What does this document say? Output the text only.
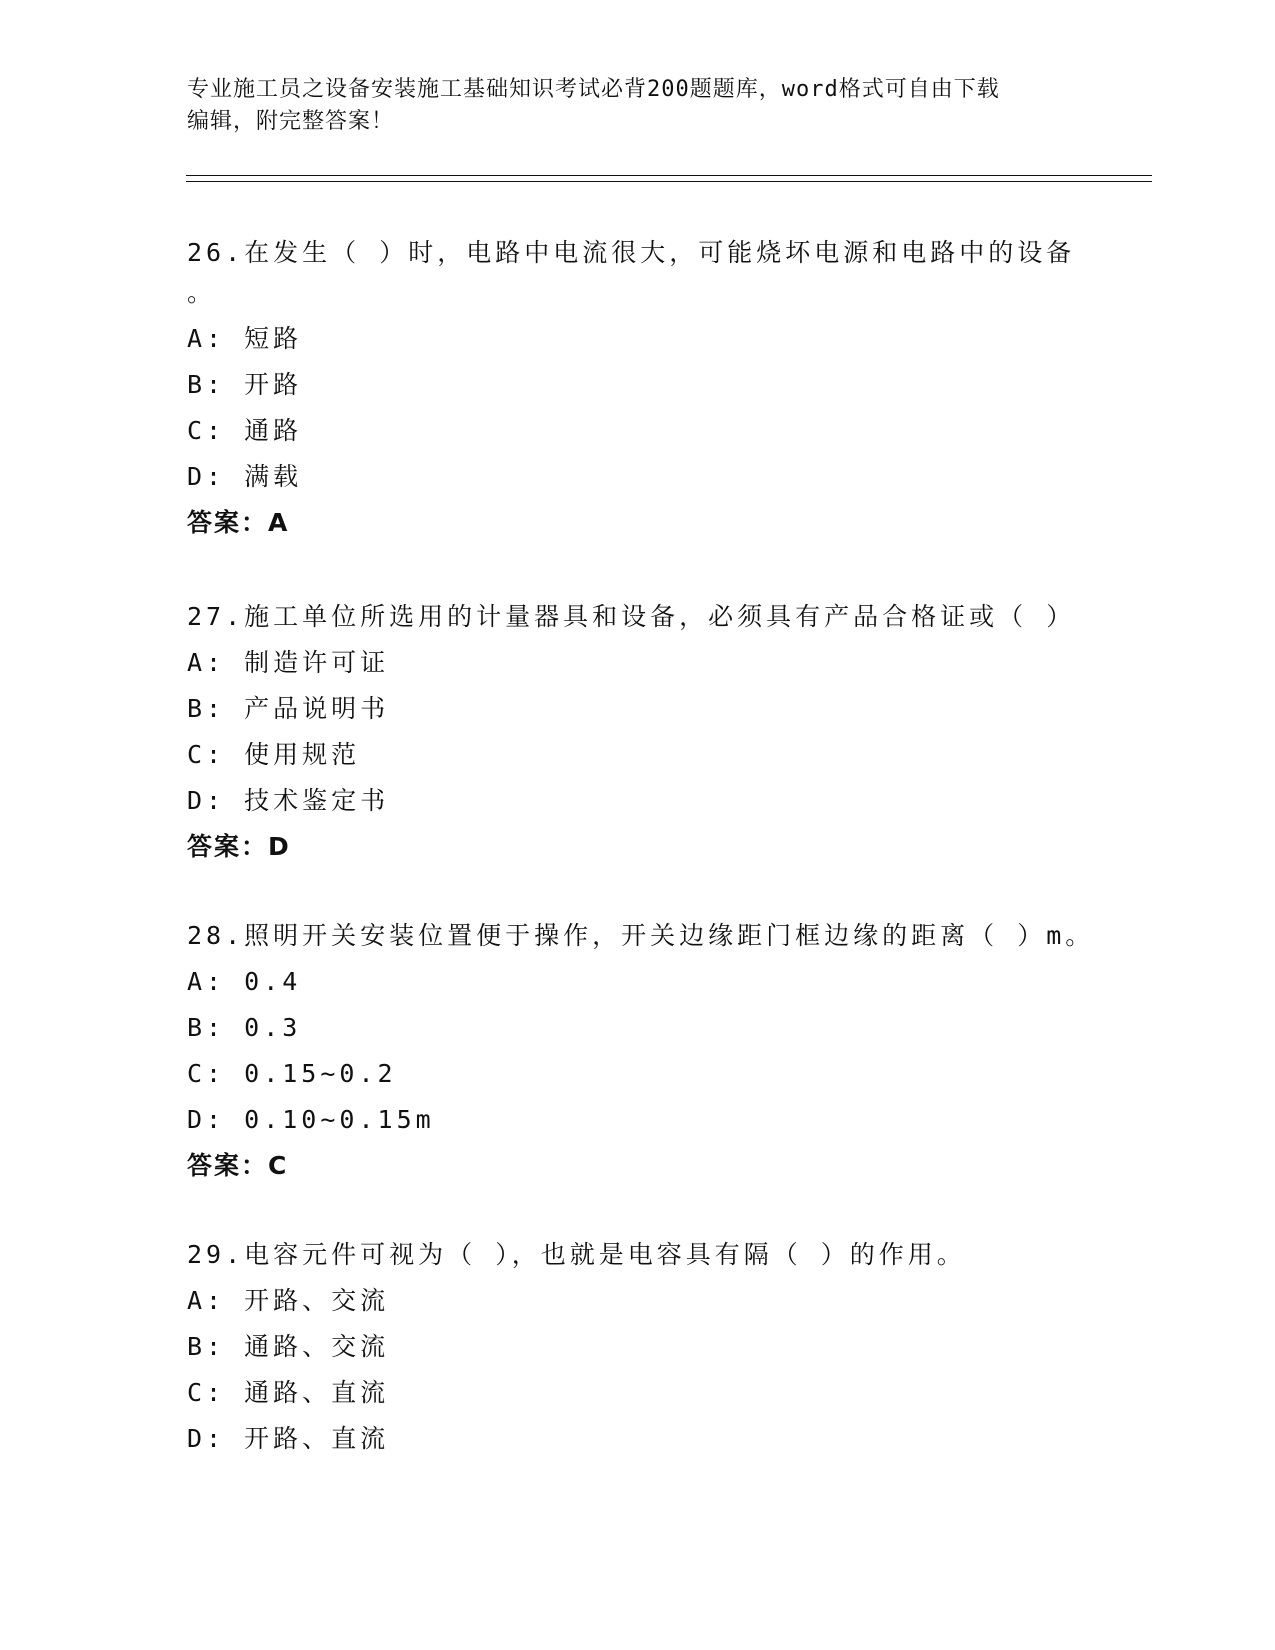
专业施工员之设备安装施工基础知识考试必背200题题库，word格式可自由下载
编辑，附完整答案！
26.在发生（ ）时，电路中电流很大，可能烧坏电源和电路中的设备
。
A: 短路
B: 开路
C: 通路
D: 满载
答案：A
27.施工单位所选用的计量器具和设备，必须具有产品合格证或（ ）
A: 制造许可证
B: 产品说明书
C: 使用规范
D: 技术鉴定书
答案：D
28.照明开关安装位置便于操作，开关边缘距门框边缘的距离（ ）m。
A: 0.4
B: 0.3
C: 0.15~0.2
D: 0.10~0.15m
答案：C
29.电容元件可视为（ ），也就是电容具有隔（ ）的作用。
A: 开路、交流
B: 通路、交流
C: 通路、直流
D: 开路、直流
